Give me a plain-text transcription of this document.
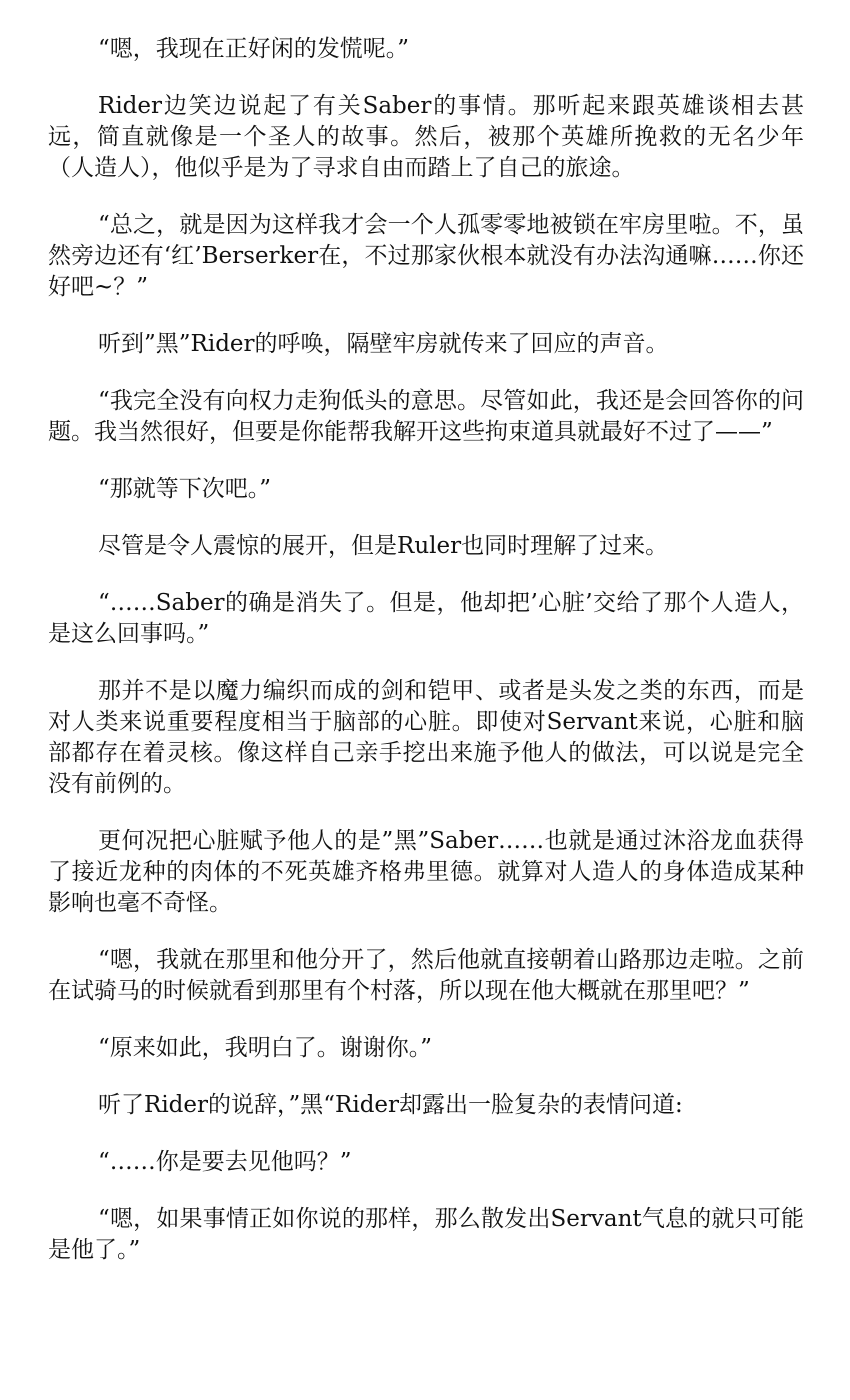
“嗯，我现在正好闲的发慌呢。”

Rider边笑边说起了有关Saber的事情。那听起来跟英雄谈相去甚远，简直就像是一个圣人的故事。然后，被那个英雄所挽救的无名少年（人造人），他似乎是为了寻求自由而踏上了自己的旅途。

“总之，就是因为这样我才会一个人孤零零地被锁在牢房里啦。不，虽然旁边还有‘红’Berserker在，不过那家伙根本就没有办法沟通嘛……你还好吧~？”

听到”黑”Rider的呼唤，隔壁牢房就传来了回应的声音。

“我完全没有向权力走狗低头的意思。尽管如此，我还是会回答你的问题。我当然很好，但要是你能帮我解开这些拘束道具就最好不过了——”

“那就等下次吧。”

尽管是令人震惊的展开，但是Ruler也同时理解了过来。

“……Saber的确是消失了。但是，他却把’心脏’交给了那个人造人，是这么回事吗。”

那并不是以魔力编织而成的剑和铠甲、或者是头发之类的东西，而是对人类来说重要程度相当于脑部的心脏。即使对Servant来说，心脏和脑部都存在着灵核。像这样自己亲手挖出来施予他人的做法，可以说是完全没有前例的。

更何况把心脏赋予他人的是”黑”Saber……也就是通过沐浴龙血获得了接近龙种的肉体的不死英雄齐格弗里德。就算对人造人的身体造成某种影响也毫不奇怪。

“嗯，我就在那里和他分开了，然后他就直接朝着山路那边走啦。之前在试骑马的时候就看到那里有个村落，所以现在他大概就在那里吧？”

“原来如此，我明白了。谢谢你。”

听了Rider的说辞，”黑“Rider却露出一脸复杂的表情问道:

“……你是要去见他吗？”

“嗯，如果事情正如你说的那样，那么散发出Servant气息的就只可能是他了。”
